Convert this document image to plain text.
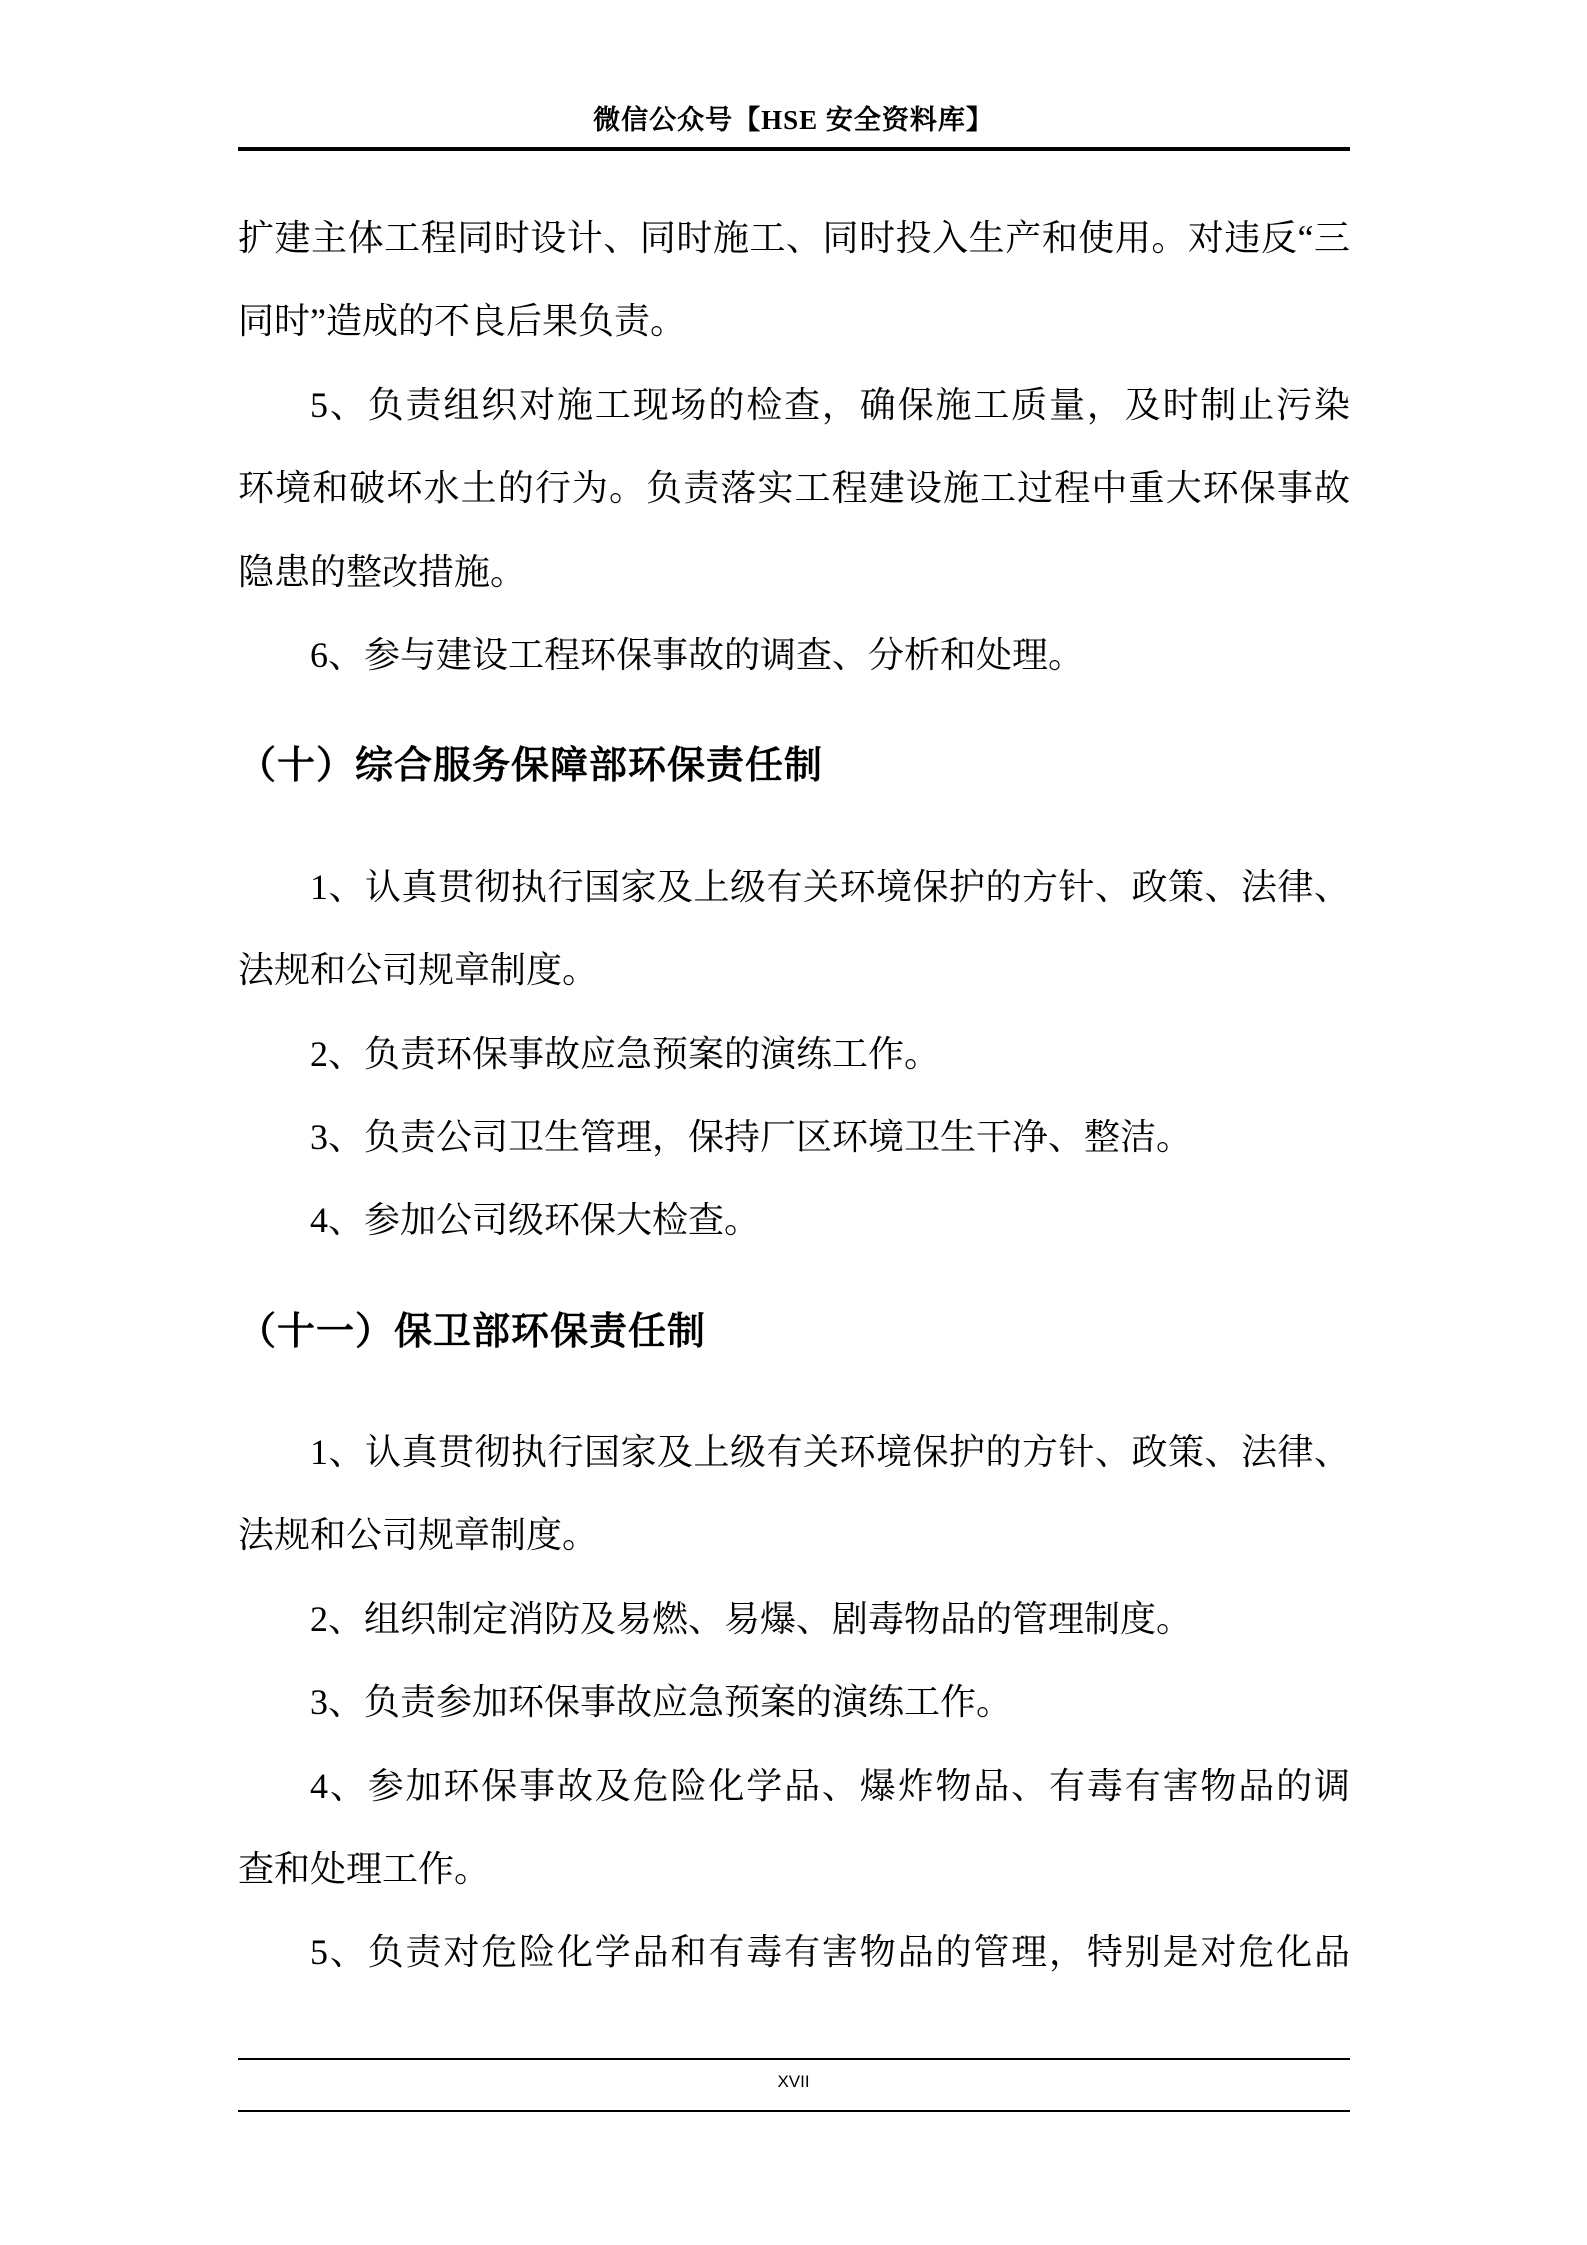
微信公众号【HSE 安全资料库】
扩建主体工程同时设计、同时施工、同时投入生产和使用。对违反“三
同时”造成的不良后果负责。
5、负责组织对施工现场的检查，确保施工质量，及时制止污染
环境和破坏水土的行为。负责落实工程建设施工过程中重大环保事故
隐患的整改措施。
6、参与建设工程环保事故的调查、分析和处理。
（十）综合服务保障部环保责任制
1、认真贯彻执行国家及上级有关环境保护的方针、政策、法律、
法规和公司规章制度。
2、负责环保事故应急预案的演练工作。
3、负责公司卫生管理，保持厂区环境卫生干净、整洁。
4、参加公司级环保大检查。
（十一）保卫部环保责任制
1、认真贯彻执行国家及上级有关环境保护的方针、政策、法律、
法规和公司规章制度。
2、组织制定消防及易燃、易爆、剧毒物品的管理制度。
3、负责参加环保事故应急预案的演练工作。
4、参加环保事故及危险化学品、爆炸物品、有毒有害物品的调
查和处理工作。
5、负责对危险化学品和有毒有害物品的管理，特别是对危化品
XVII
